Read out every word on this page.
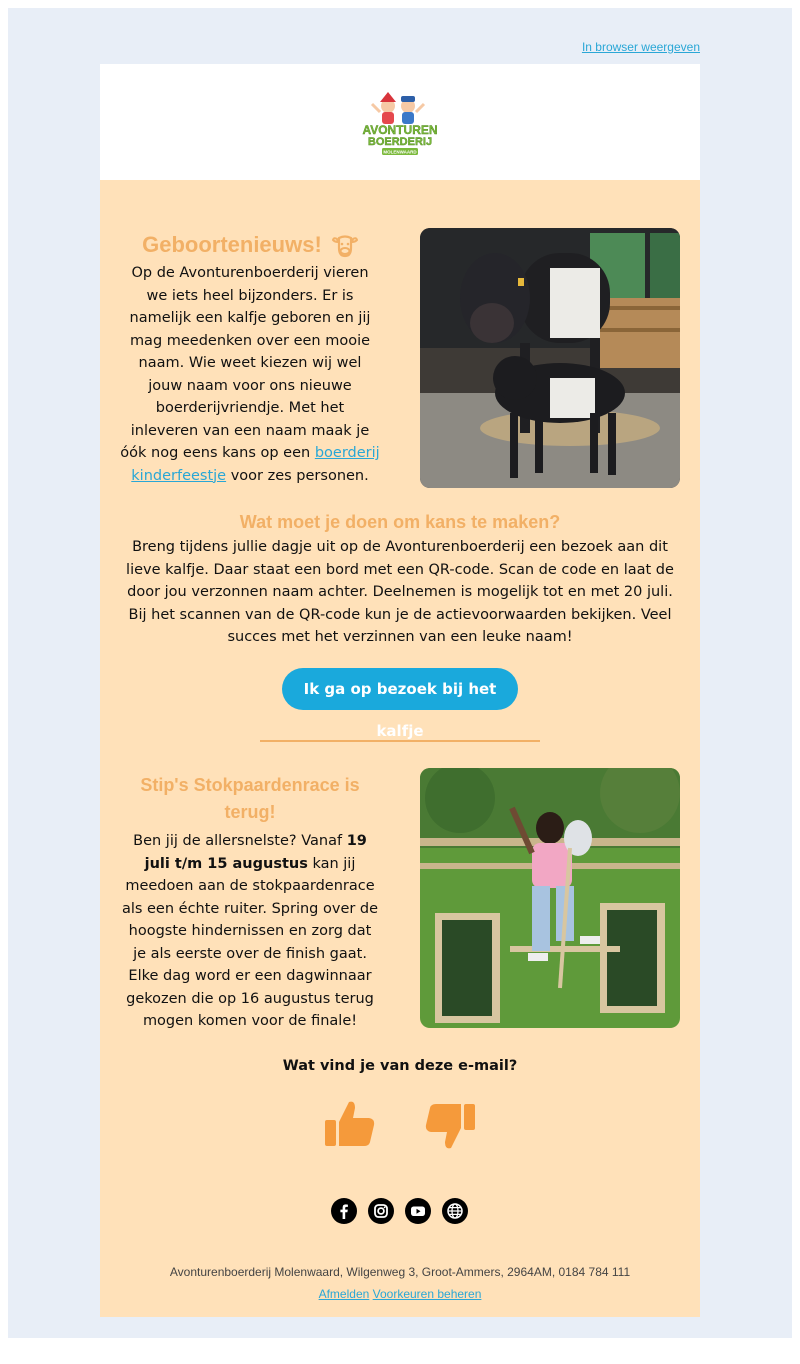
In browser weergeven
AVONTUREN
BOERDERIJ
MOLENWAARD
Geboortenieuws!

Op de Avonturenboerderij vieren we iets heel bijzonders. Er is namelijk een kalfje geboren en jij mag meedenken over een mooie naam. Wie weet kiezen wij wel jouw naam voor ons nieuwe boerderijvriendje. Met het inleveren van een naam maak je óók nog eens kans op een boerderij kinderfeestje voor zes personen.

Wat moet je doen om kans te maken?

Breng tijdens jullie dagje uit op de Avonturenboerderij een bezoek aan dit lieve kalfje. Daar staat een bord met een QR-code. Scan de code en laat de door jou verzonnen naam achter. Deelnemen is mogelijk tot en met 20 juli. Bij het scannen van de QR-code kun je de actievoorwaarden bekijken. Veel succes met het verzinnen van een leuke naam!

Ik ga op bezoek bij het kalfje
Stip's Stokpaardenrace is terug!

Ben jij de allersnelste? Vanaf 19 juli t/m 15 augustus kan jij meedoen aan de stokpaardenrace als een échte ruiter. Spring over de hoogste hindernissen en zorg dat je als eerste over de finish gaat. Elke dag word er een dagwinnaar gekozen die op 16 augustus terug mogen komen voor de finale!

Wat vind je van deze e-mail?
Avonturenboerderij Molenwaard, Wilgenweg 3, Groot-Ammers, 2964AM, 0184 784 111
Afmelden Voorkeuren beheren
